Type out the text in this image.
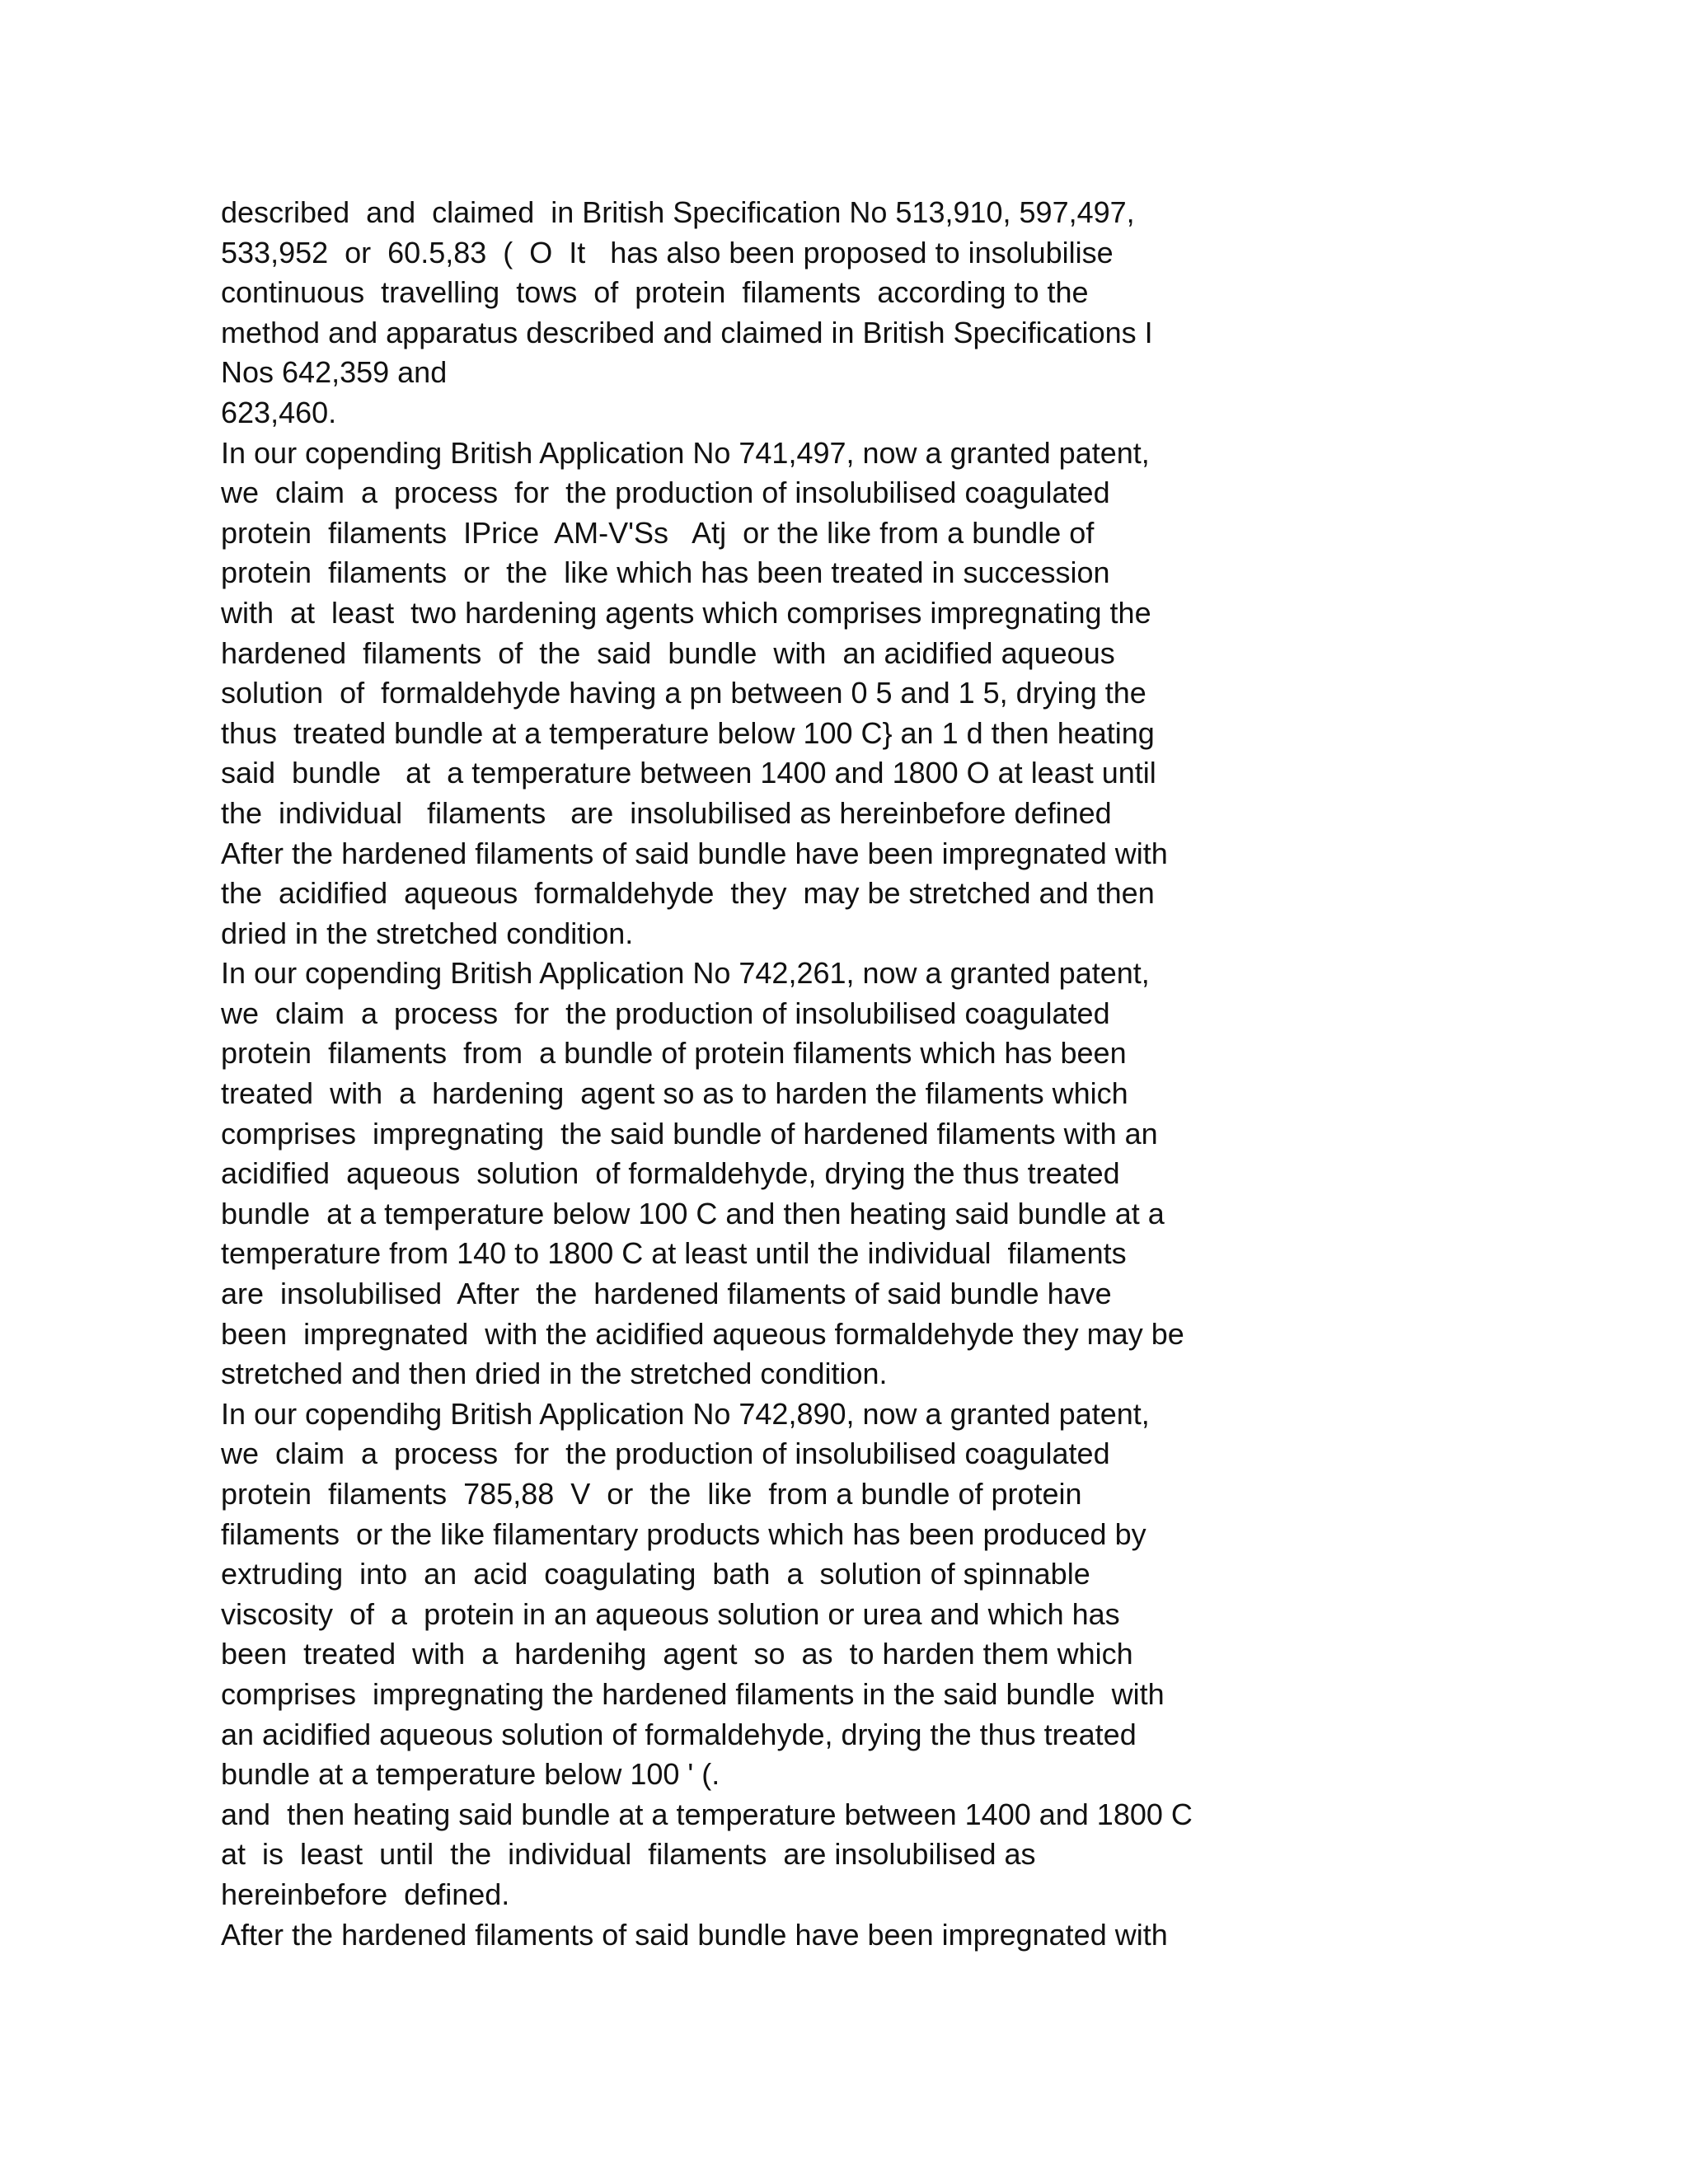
described  and  claimed  in British Specification No 513,910, 597,497,
533,952  or  60.5,83  (  O  It   has also been proposed to insolubilise
continuous  travelling  tows  of  protein  filaments  according to the
method and apparatus described and claimed in British Specifications I
Nos 642,359 and
623,460.
In our copending British Application No 741,497, now a granted patent,
we  claim  a  process  for  the production of insolubilised coagulated
protein  filaments  IPrice  AM-V'Ss   Atj  or the like from a bundle of
protein  filaments  or  the  like which has been treated in succession
with  at  least  two hardening agents which comprises impregnating the
hardened  filaments  of  the  said  bundle  with  an acidified aqueous
solution  of  formaldehyde having a pn between 0 5 and 1 5, drying the
thus  treated bundle at a temperature below 100 C} an 1 d then heating
said  bundle   at  a temperature between 1400 and 1800 O at least until
the  individual   filaments   are  insolubilised as hereinbefore defined
After the hardened filaments of said bundle have been impregnated with
the  acidified  aqueous  formaldehyde  they  may be stretched and then
dried in the stretched condition.
In our copending British Application No 742,261, now a granted patent,
we  claim  a  process  for  the production of insolubilised coagulated
protein  filaments  from  a bundle of protein filaments which has been
treated  with  a  hardening  agent so as to harden the filaments which
comprises  impregnating  the said bundle of hardened filaments with an
acidified  aqueous  solution  of formaldehyde, drying the thus treated
bundle  at a temperature below 100 C and then heating said bundle at a
temperature from 140 to 1800 C at least until the individual  filaments
are  insolubilised  After  the  hardened filaments of said bundle have
been  impregnated  with the acidified aqueous formaldehyde they may be
stretched and then dried in the stretched condition.
In our copendihg British Application No 742,890, now a granted patent,
we  claim  a  process  for  the production of insolubilised coagulated
protein  filaments  785,88  V  or  the  like  from a bundle of protein
filaments  or the like filamentary products which has been produced by
extruding  into  an  acid  coagulating  bath  a  solution of spinnable
viscosity  of  a  protein in an aqueous solution or urea and which has
been  treated  with  a  hardenihg  agent  so  as  to harden them which
comprises  impregnating the hardened filaments in the said bundle  with
an acidified aqueous solution of formaldehyde, drying the thus treated
bundle at a temperature below 100 ' (.
and  then heating said bundle at a temperature between 1400 and 1800 C
at  is  least  until  the  individual  filaments  are insolubilised as
hereinbefore  defined.
After the hardened filaments of said bundle have been impregnated with
